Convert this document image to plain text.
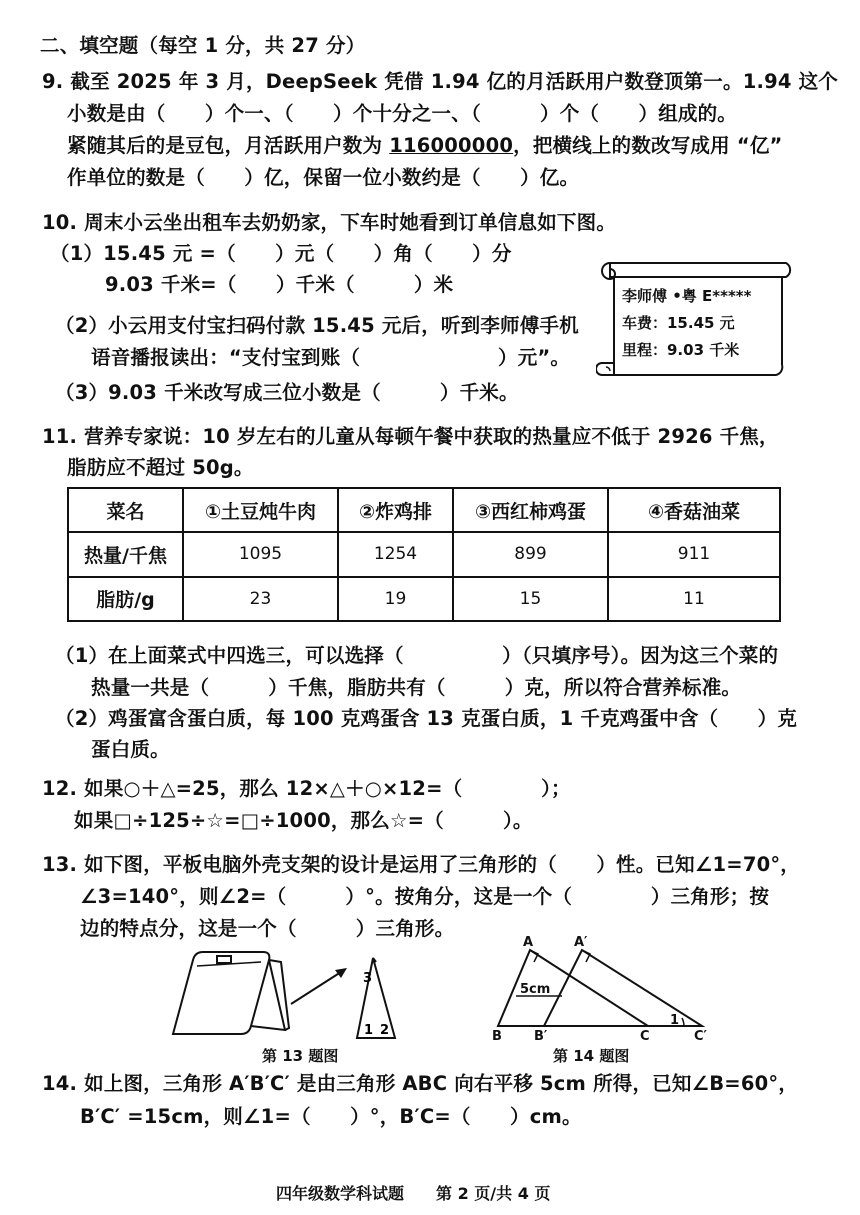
二、填空题（每空 1 分，共 27 分）
9. 截至 2025 年 3 月，DeepSeek 凭借 1.94 亿的月活跃用户数登顶第一。1.94 这个
小数是由（　　）个一、（　　）个十分之一、（　　　）个（　　）组成的。
紧随其后的是豆包，月活跃用户数为 116000000，把横线上的数改写成用 “亿”
作单位的数是（　　）亿，保留一位小数约是（　　）亿。
10. 周末小云坐出租车去奶奶家，下车时她看到订单信息如下图。
（1）15.45 元 =（　　）元（　　）角（　　）分
9.03 千米=（　　）千米（　　　）米
（2）小云用支付宝扫码付款 15.45 元后，听到李师傅手机
语音播报读出：“支付宝到账（　　　　　　　）元”。
（3）9.03 千米改写成三位小数是（　　　）千米。
李师傅 •粤 E*****
车费：15.45 元
里程：9.03 千米
11. 营养专家说：10 岁左右的儿童从每顿午餐中获取的热量应不低于 2926 千焦，
脂肪应不超过 50g。
菜名	①土豆炖牛肉	②炸鸡排	③西红柿鸡蛋	④香菇油菜
热量/千焦	1095	1254	899	911
脂肪/g	23	19	15	11
（1）在上面菜式中四选三，可以选择（　　　　　）（只填序号）。因为这三个菜的
热量一共是（　　　）千焦，脂肪共有（　　　）克，所以符合营养标准。
（2）鸡蛋富含蛋白质，每 100 克鸡蛋含 13 克蛋白质，1 千克鸡蛋中含（　　）克
蛋白质。
12. 如果○＋△=25，那么 12×△＋○×12=（　　　　）；
如果□÷125÷☆=□÷1000，那么☆=（　　　）。
13. 如下图，平板电脑外壳支架的设计是运用了三角形的（　　）性。已知∠1=70°，
∠3=140°，则∠2=（　　　）°。按角分，这是一个（　　　　）三角形；按
边的特点分，这是一个（　　　）三角形。
3
1 2
第 13 题图
A	A′
B B′	C	C′
5cm
1
第 14 题图
14. 如上图，三角形 A′B′C′ 是由三角形 ABC 向右平移 5cm 所得，已知∠B=60°，
B′C′ =15cm，则∠1=（　　）°，B′C=（　　）cm。
四年级数学科试题　　第 2 页/共 4 页
